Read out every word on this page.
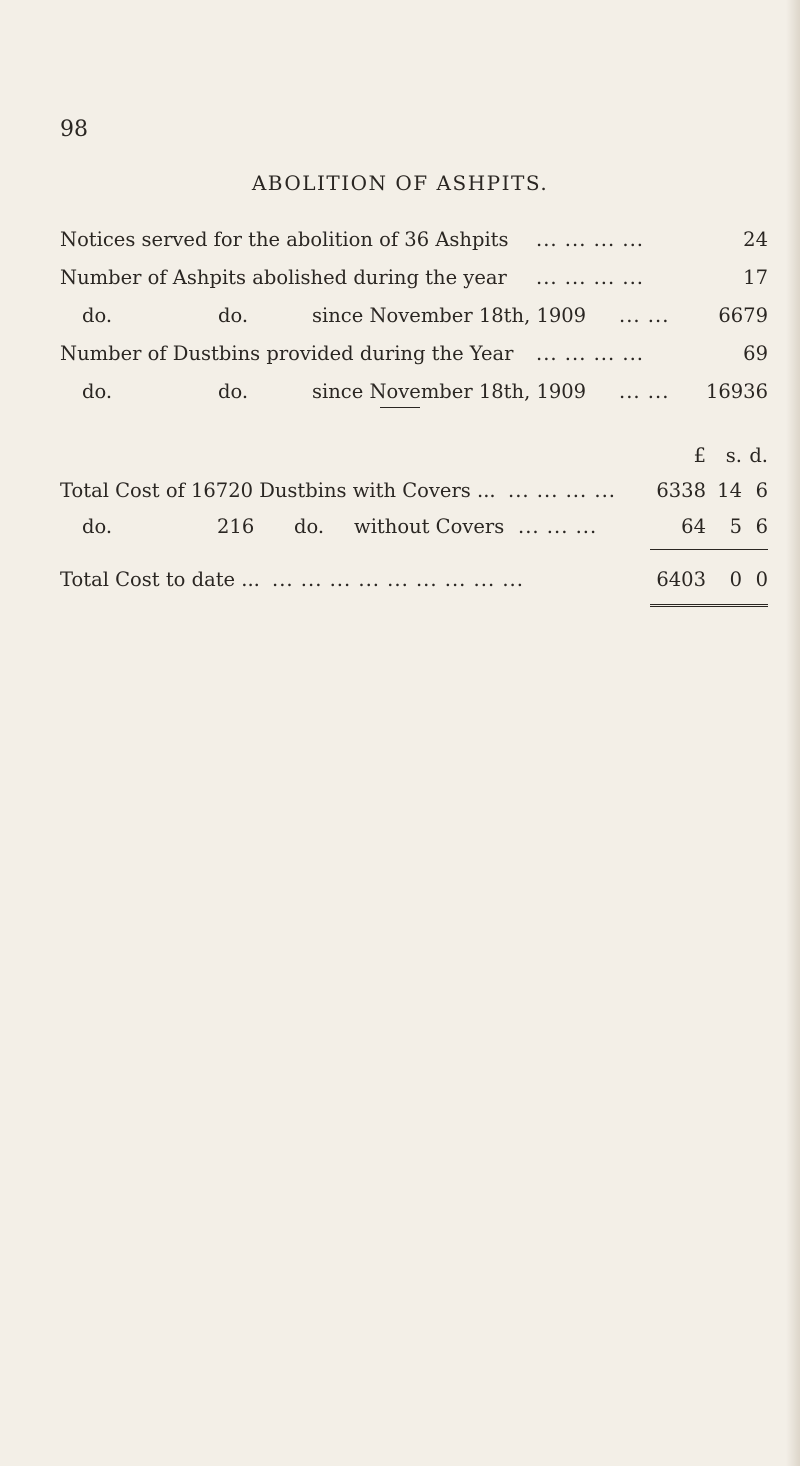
98
ABOLITION OF ASHPITS.
Notices served for the abolition of 36 Ashpits ... ... ... ...	24
Number of Ashpits abolished during the year ... ... ... ...	17
do.	do.	since November 18th, 1909 ... ...	6679
Number of Dustbins provided during the Year ... ... ... ...	69
do.	do.	since November 18th, 1909 ... ... 16936
£ s. d.
Total Cost of 16720 Dustbins with Covers ... ... ... ... ... 6338 14 6
do.	216 do. without Covers ... ... ...	64 5 6
Total Cost to date ... ... ... ... ... ... ... ... ... ...	6403 0 0
